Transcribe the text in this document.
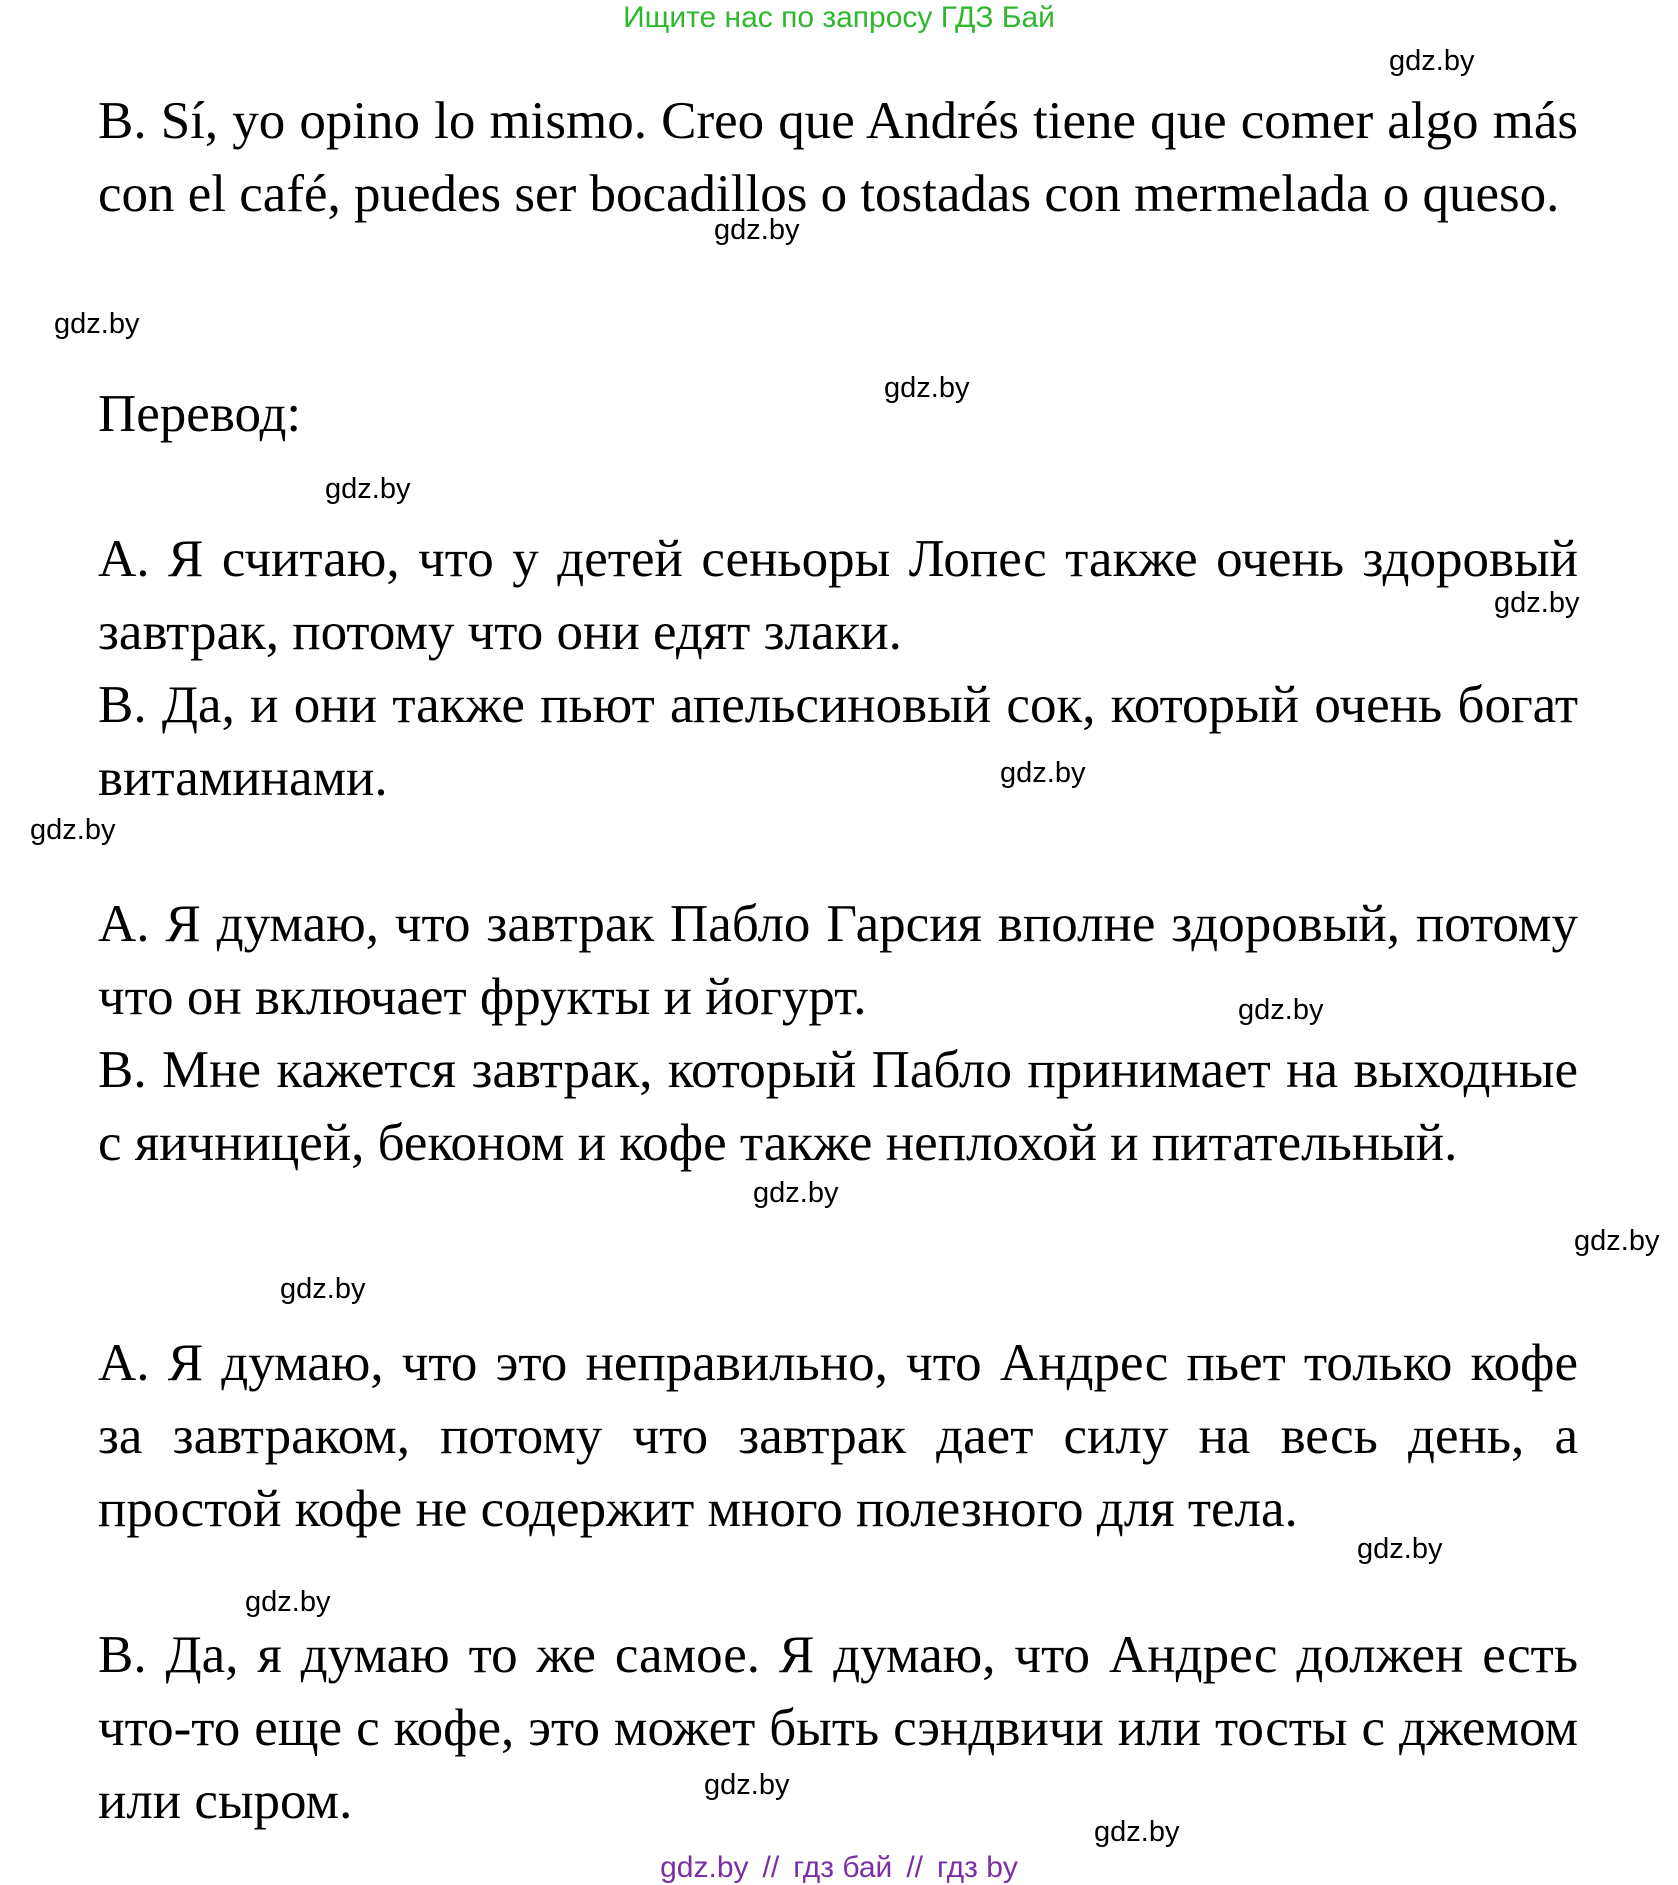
Ищите нас по запросу ГДЗ Бай

B. Sí, yo opino lo mismo. Creo que Andrés tiene que comer algo más con el café, puedes ser bocadillos o tostadas con mermelada o queso.

Перевод:

А. Я считаю, что у детей сеньоры Лопес также очень здоровый завтрак, потому что они едят злаки.

В. Да, и они также пьют апельсиновый сок, который очень богат витаминами.

А. Я думаю, что завтрак Пабло Гарсия вполне здоровый, потому что он включает фрукты и йогурт.

В. Мне кажется завтрак, который Пабло принимает на выходные с яичницей, беконом и кофе также неплохой и питательный.

А. Я думаю, что это неправильно, что Андрес пьет только кофе за завтраком, потому что завтрак дает силу на весь день, а простой кофе не содержит много полезного для тела.

В. Да, я думаю то же самое. Я думаю, что Андрес должен есть что-то еще с кофе, это может быть сэндвичи или тосты с джемом или сыром.

gdz.by
gdz.by
gdz.by
gdz.by
gdz.by
gdz.by
gdz.by
gdz.by
gdz.by
gdz.by
gdz.by
gdz.by
gdz.by
gdz.by
gdz.by
gdz.by
gdz.by // гдз бай // гдз by
